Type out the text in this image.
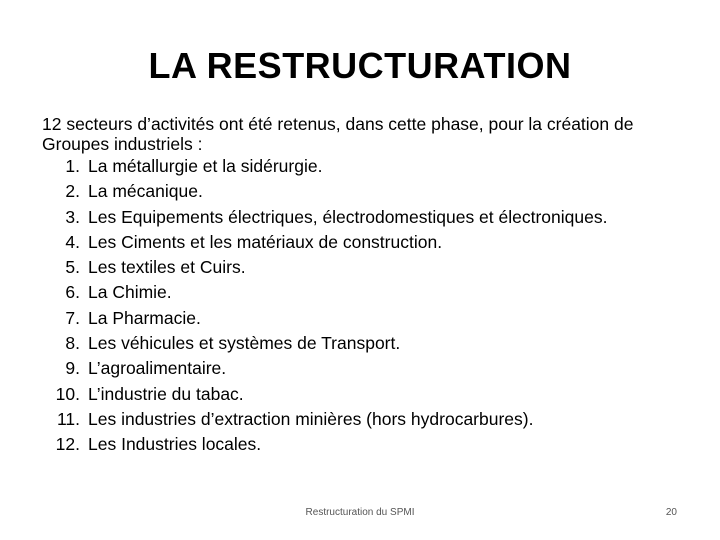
LA RESTRUCTURATION

12 secteurs d’activités ont été retenus, dans cette phase, pour la création de Groupes industriels :

1. La métallurgie et la sidérurgie.
2. La mécanique.
3. Les Equipements électriques, électrodomestiques et électroniques.
4. Les Ciments et les matériaux de construction.
5. Les textiles et Cuirs.
6. La Chimie.
7. La Pharmacie.
8. Les véhicules et systèmes de Transport.
9. L’agroalimentaire.
10. L’industrie du tabac.
11. Les industries d’extraction minières (hors hydrocarbures).
12. Les Industries locales.
Restructuration du SPMI	20
